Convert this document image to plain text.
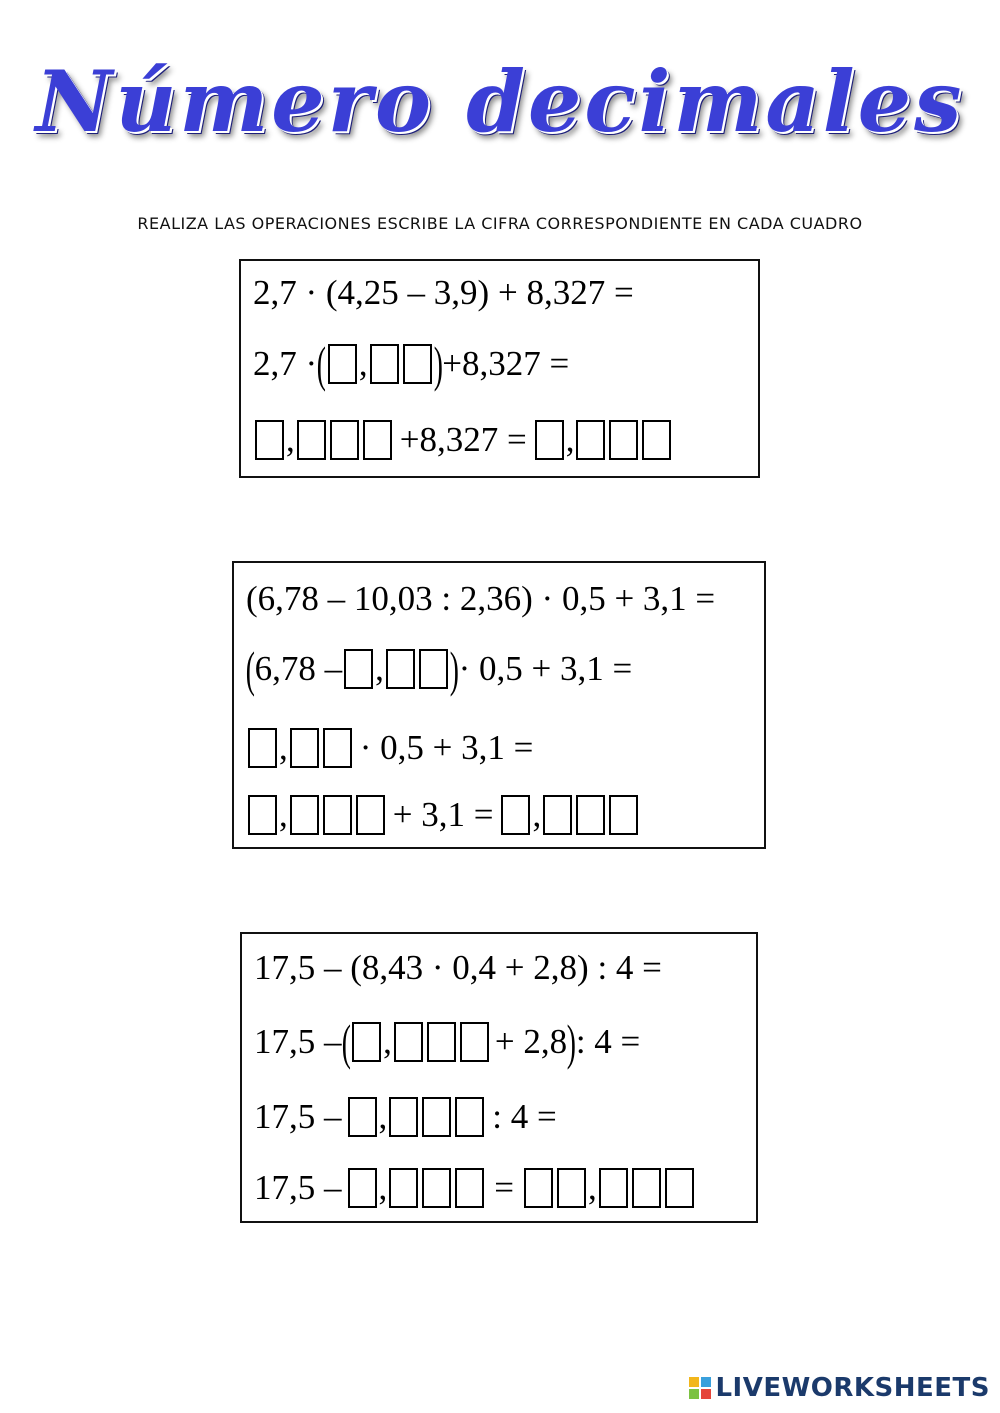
Número decimales
REALIZA LAS OPERACIONES ESCRIBE LA CIFRA CORRESPONDIENTE EN CADA CUADRO
2,7 · (4,25 – 3,9) + 8,327 =
2,7 · ( , ) +8,327 =
,	+8,327 = ,
(6,78 – 10,03 : 2,36) · 0,5 + 3,1 =
( 6,78 – , ) · 0,5 + 3,1 =
, · 0,5 + 3,1 =
,	+ 3,1 = ,
17,5 – (8,43 · 0,4 + 2,8) : 4 =
17,5 – ( ,	+ 2,8 ) : 4 =
17,5 – ,	: 4 =
17,5 – ,	= ,
LIVEWORKSHEETS
